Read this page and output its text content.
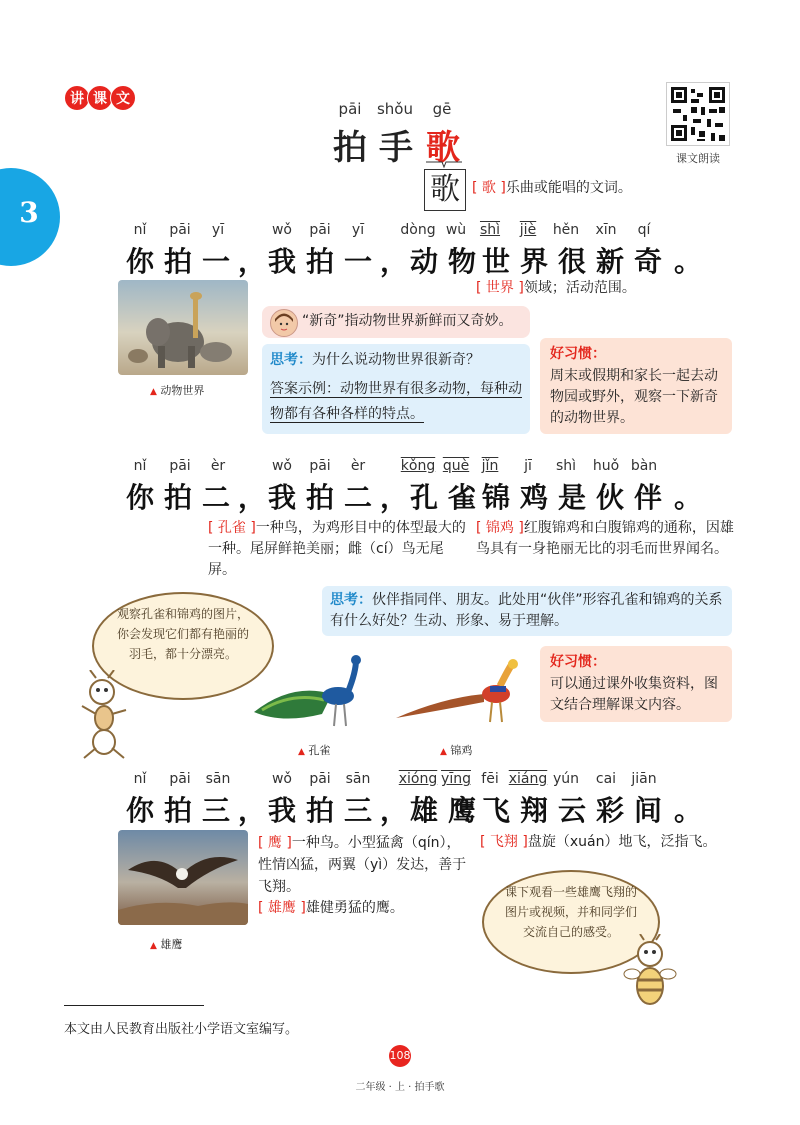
讲 课 文
3
课文朗读
pāi	shǒu	gē
拍 手 歌
歌 [ 歌 ]乐曲或能唱的文词。
nǐ	pāi	yī	wǒ	pāi	yī	dòng wù shì	jiè	hěn	xīn	qí
你 拍 一 ， 我 拍 一 ， 动 物 世 界 很 新 奇 。
[ 世界 ]领域；活动范围。
▲ 动物世界
“新奇”指动物世界新鲜而又奇妙。
思考：为什么说动物世界很新奇？
答案示例：动物世界有很多动物，每种动物都有各种各样的特点。
好习惯：
周末或假期和家长一起去动物园或野外，观察一下新奇的动物世界。
nǐ	pāi	èr	wǒ	pāi	èr	kǒng què jǐn	jī	shì	huǒ bàn
你 拍 二 ， 我 拍 二 ， 孔 雀 锦 鸡 是 伙 伴 。
[ 孔雀 ]一种鸟，为鸡形目中的体型最大的一种。尾屏鲜艳美丽；雌（cí）鸟无尾屏。
[ 锦鸡 ]红腹锦鸡和白腹锦鸡的通称，因雄鸟具有一身艳丽无比的羽毛而世界闻名。
思考：伙伴指同伴、朋友。此处用“伙伴”形容孔雀和锦鸡的关系有什么好处？生动、形象、易于理解。
观察孔雀和锦鸡的图片，你会发现它们都有艳丽的羽毛，都十分漂亮。	好习惯：
可以通过课外收集资料，图文结合理解课文内容。
▲ 孔雀	▲ 锦鸡
nǐ	pāi	sān	wǒ	pāi	sān	xióng yīng fēi xiáng yún	cai	jiān
你 拍 三 ， 我 拍 三 ， 雄 鹰 飞 翔 云 彩 间 。
▲ 雄鹰
[ 鹰 ]一种鸟。小型猛禽（qín），性情凶猛，两翼（yì）发达，善于飞翔。
[ 雄鹰 ]雄健勇猛的鹰。
[ 飞翔 ]盘旋（xuán）地飞，泛指飞。
课下观看一些雄鹰飞翔的图片或视频，并和同学们交流自己的感受。
本文由人民教育出版社小学语文室编写。
108
二年级 · 上 · 拍手歌
